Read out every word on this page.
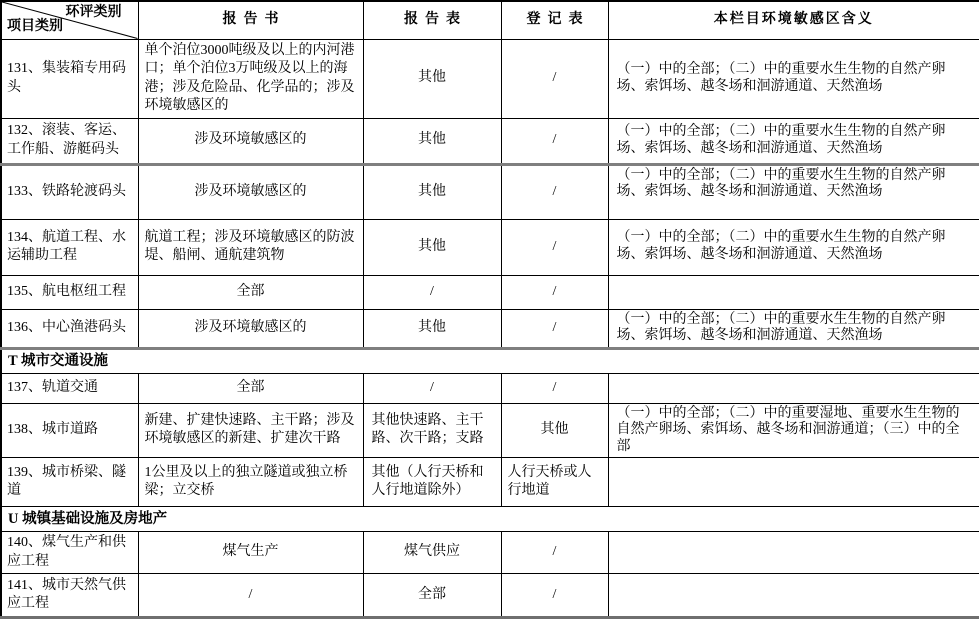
环评类别
项目类别	报告书	报告表	登记表	本栏目环境敏感区含义
131、集装箱专用码头	单个泊位3000吨级及以上的内河港口；单个泊位3万吨级及以上的海港；涉及危险品、化学品的；涉及环境敏感区的	其他	/	（一）中的全部；（二）中的重要水生生物的自然产卵场、索饵场、越冬场和洄游通道、天然渔场
132、滚装、客运、工作船、游艇码头	涉及环境敏感区的	其他	/	（一）中的全部；（二）中的重要水生生物的自然产卵场、索饵场、越冬场和洄游通道、天然渔场
133、铁路轮渡码头	涉及环境敏感区的	其他	/	（一）中的全部；（二）中的重要水生生物的自然产卵场、索饵场、越冬场和洄游通道、天然渔场
134、航道工程、水运辅助工程	航道工程；涉及环境敏感区的防波堤、船闸、通航建筑物	其他	/	（一）中的全部；（二）中的重要水生生物的自然产卵场、索饵场、越冬场和洄游通道、天然渔场
135、航电枢纽工程	全部	/	/	
136、中心渔港码头	涉及环境敏感区的	其他	/	（一）中的全部；（二）中的重要水生生物的自然产卵场、索饵场、越冬场和洄游通道、天然渔场
T 城市交通设施				
137、轨道交通	全部	/	/	
138、城市道路	新建、扩建快速路、主干路；涉及环境敏感区的新建、扩建次干路	其他快速路、主干路、次干路；支路	其他	（一）中的全部；（二）中的重要湿地、重要水生生物的自然产卵场、索饵场、越冬场和洄游通道；（三）中的全部
139、城市桥梁、隧道	1公里及以上的独立隧道或独立桥梁；立交桥	其他（人行天桥和人行地道除外）	人行天桥或人行地道	
U 城镇基础设施及房地产				
140、煤气生产和供应工程	煤气生产	煤气供应	/	
141、城市天然气供应工程	/	全部	/	
